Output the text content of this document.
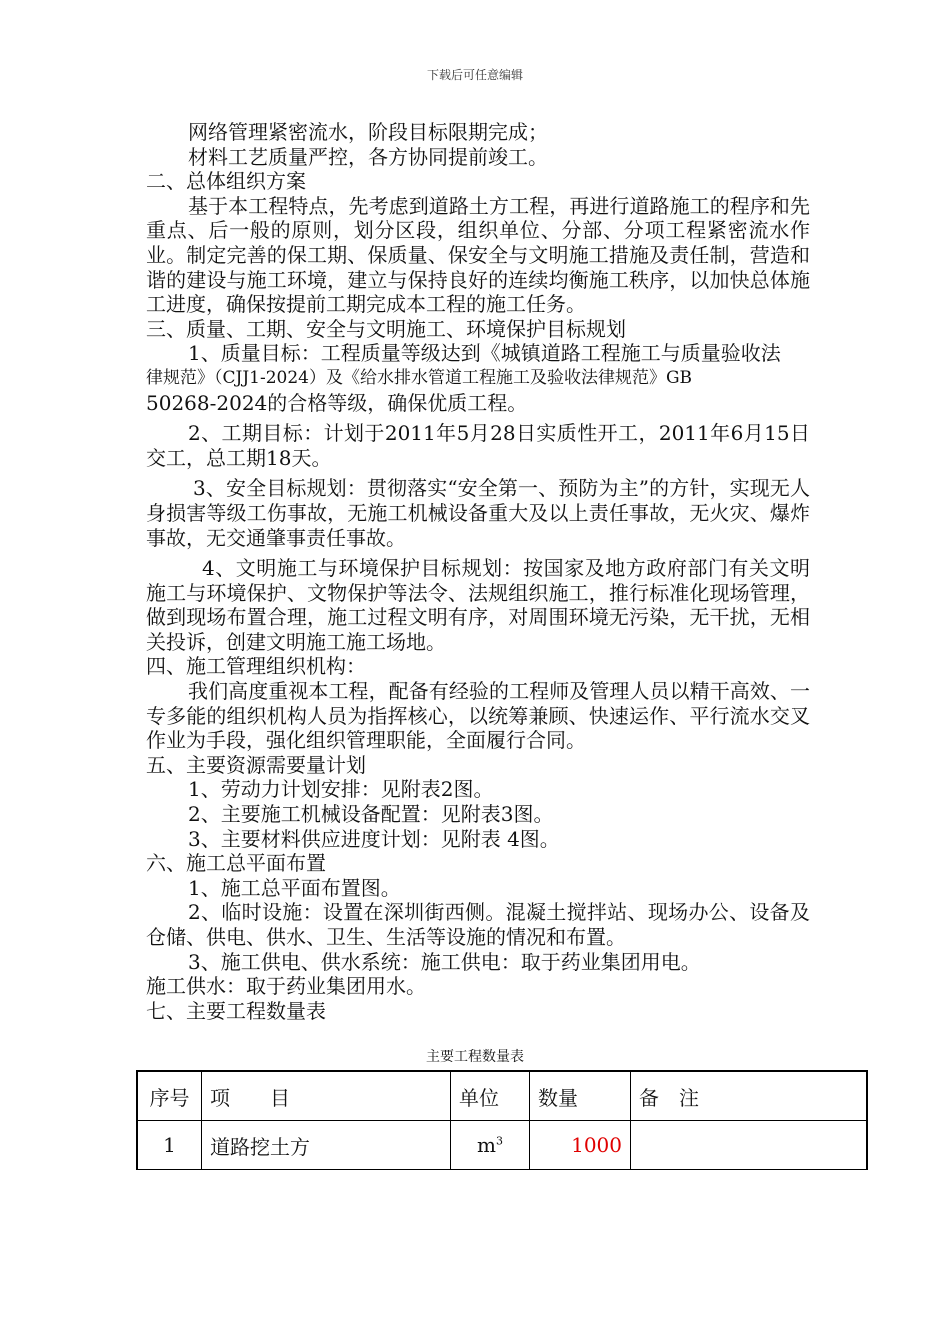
下载后可任意编辑

网络管理紧密流水，阶段目标限期完成；

材料工艺质量严控，各方协同提前竣工。

二、总体组织方案

基于本工程特点，先考虑到道路土方工程，再进行道路施工的程序和先重点、后一般的原则，划分区段，组织单位、分部、分项工程紧密流水作业。制定完善的保工期、保质量、保安全与文明施工措施及责任制，营造和谐的建设与施工环境，建立与保持良好的连续均衡施工秩序，以加快总体施工进度，确保按提前工期完成本工程的施工任务。

三、质量、工期、安全与文明施工、环境保护目标规划

1、质量目标：工程质量等级达到《城镇道路工程施工与质量验收法

律规范》（CJJ1-2024）及《给水排水管道工程施工及验收法律规范》GB

50268-2024的合格等级，确保优质工程。

2、工期目标：计划于2011年5月28日实质性开工，2011年6月15日交工，总工期18天。

3、安全目标规划：贯彻落实“安全第一、预防为主”的方针，实现无人身损害等级工伤事故，无施工机械设备重大及以上责任事故，无火灾、爆炸事故，无交通肇事责任事故。

4、文明施工与环境保护目标规划：按国家及地方政府部门有关文明施工与环境保护、文物保护等法令、法规组织施工，推行标准化现场管理，做到现场布置合理，施工过程文明有序，对周围环境无污染，无干扰，无相关投诉，创建文明施工施工场地。

四、施工管理组织机构：

我们高度重视本工程，配备有经验的工程师及管理人员以精干高效、一专多能的组织机构人员为指挥核心，以统筹兼顾、快速运作、平行流水交叉作业为手段，强化组织管理职能，全面履行合同。

五、主要资源需要量计划

1、劳动力计划安排：见附表2图。

2、主要施工机械设备配置：见附表3图。

3、主要材料供应进度计划：见附表 4图。

六、施工总平面布置

1、施工总平面布置图。

2、临时设施：设置在深圳街西侧。混凝土搅拌站、现场办公、设备及仓储、供电、供水、卫生、生活等设施的情况和布置。

3、施工供电、供水系统：施工供电：取于药业集团用电。

施工供水：取于药业集团用水。

七、主要工程数量表

主要工程数量表
序号	项　　目	单位	数量	备　注
1	道路挖土方	$m^3$	1000	
